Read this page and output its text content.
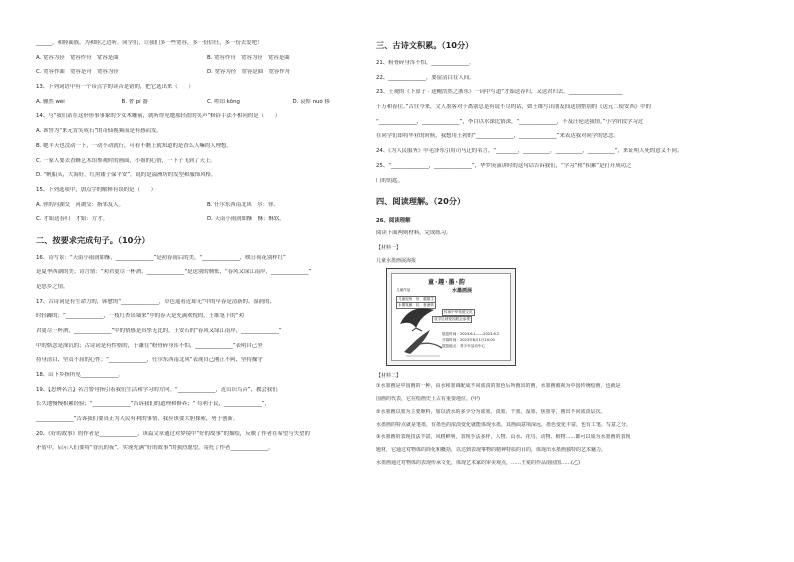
______，和睦面族，为和睦之边听。同学们，让我们多一些宽容，多一份信任，多一份去爱吧！
A. 宽容为径　宽容作舟　宽容是曲	B. 宽容作舟　宽容为径　宽容是曲
C. 宽容作曲　宽容是舟　宽容为径	D. 宽容为径　宽容是曲　宽容作舟
13、下列词语中有一个带点字的读音是错的，把它选出来（　　）
A. 骤然 wèi	B. 奢 pí 器	C. 崆岇 kōng	D. 哀悼 nuó 移
14、与“我们站在这形形事事象的少女木雕前，就听得见她那轻盈的笑声”修辞手法不相同的是（　　）
A. 该誓为“来元宵笑成石”的奇仙视频而是有感而发。
B. 她半天也没动一下，一动不动就行，可看不瞧上就知道的是香么人嘛的人理想。
C. 一家人要去香蜂艺术馆参观时的画面，小姐的心情，一下子飞到了天上。
D. “帆船头，大海好，红黑镂子保平安”，说的是溢洲坊的发型和服饰风格。
15、下列选项中，加点字的解释有误的是（　　）
A. 你的河湖交　河湖交：指邻友人。	B. 任尔东西南北风　尔：你。
C. 才始送春归　才始：方才。	D. 天南小雨润如酥　酥：酥软。
二、按要求完成句子。（10分）
16、诗写景：“天街小雨润如酥，______________”是初春雨后的美，“______________，映日荷花别样红”
是夏季西湖的美；诗言情：“劝君更尽一杯酒，______________”是送别的惆怅，“春风又绿江南岸，______________”
是思乡之情。
17、古诗词是有生命力的，韩愈的“______________，草色遥看近却无”中的早春是清新的、湿润的、
时轻躁的；“______________，一枝红杏出墙来”中的春天是充满欢悦的，王维笔下的“劝
君更尽一杯酒，______________”中的情感是真挚无比的，王安石的“春风又绿江南岸，______________”
中的惦念是深沉的；古诗词是有性格的，于谦在“粉骨碎身浑不怕，______________”表明自己坚
持身清白、坚贞不屈的心性；“______________，任尔东西南北风”表现自己刚正不阿、坚持操守
18、山下乡指所见______________。
19、【思辨名言】名言警句指引着我们生活和学习的方向。“______________，近山识鸟音”，教会我们
长久地慢慢积累经验；“______________”告诉我们的道理和修养；“ 苟利于民，______________”，
______________”告诉我们要真正为人民有利的事情，我应该要大胆探索，勇于创新。
20、《好的故事》的作者是______________，该篇文章通过对梦境中“好的故事”的描绘，反映了作者在希望与失望的
矛盾中，启示人们要将“昏沉的夜”，实现充满“好的故事”的强烈愿望，寄托了作者______________。
三、古诗文积累。（10分）
21、粉骨碎身浑不怕，______________。
22、______________，要留清白在人间。
23、王观的《卜算子 · 送鲍浩然之浙东》一词中写道“才始送春归，又送君归去。____________________
千万和春住。”古往今来，文人墨客对于离别总是有说不尽的话，如王维写出朋友间送别惜别的《送元二使安西》中的
“______________，______________”，李白以水深比情深，“______________，不及汪伦送我情。”小学阶段学习过
在同学们即将毕业的时候，我想用王勃的“______________，______________”来表达我对同学的思念。
24、《为人民服务》中毛泽东引用司马迁的名言，“________，__________，__________，__________”，来证明人死的意义不同。
25、“______________，______________”，华罗庚演讲时的这句话告诉我们，“学习”和“积累”是打开成功之
门的钥匙。
四、阅读理解。（20分）
26、阅读理解
阅读下面两则材料，完成练习。
【材料一】
儿童水墨画展海报
童·趣·墨·韵
儿童作品	水墨画展
儿童视角　好　趣描生
水墨笔触　轻　意流转
传承中华传统文化
放学后到校园展会参观
展览时间：2023.6.1——2023.6.2
开幕时间：2023年6月1日10:00
展览地点：青少年活动中心
【材料二】
①水墨画是中国画的一种，由水和墨调配成不同浓淡的墨色后所画出的画，水墨画被视为中国传统绘画，也就是
国画的代表，它在绘画史上占有重要地位。(甲)
②水墨画以墨为主要颜料，加以清水的多少分为浓墨、淡墨、干墨、湿墨、焦墨等，画出不同浓淡层次。
水墨画的特点就是笔墨，有墨色的浓淡变化就能体现水墨，其画面意境深远，墨色变化丰富，也有工笔、写意之分。
③水墨画的表现技法丰富，风格鲜明，表现手法多样，人物、山水、花鸟、动物、植物……都可以成为水墨画的表现
题材，它通过对物体的简化和概括，以达到表现事物的精神特质的目的，体现出水墨画独特的艺术魅力。
水墨画通过对物体的表现传承文化，体现艺术家的审美观点，……王冕的作品南园图……(乙)
